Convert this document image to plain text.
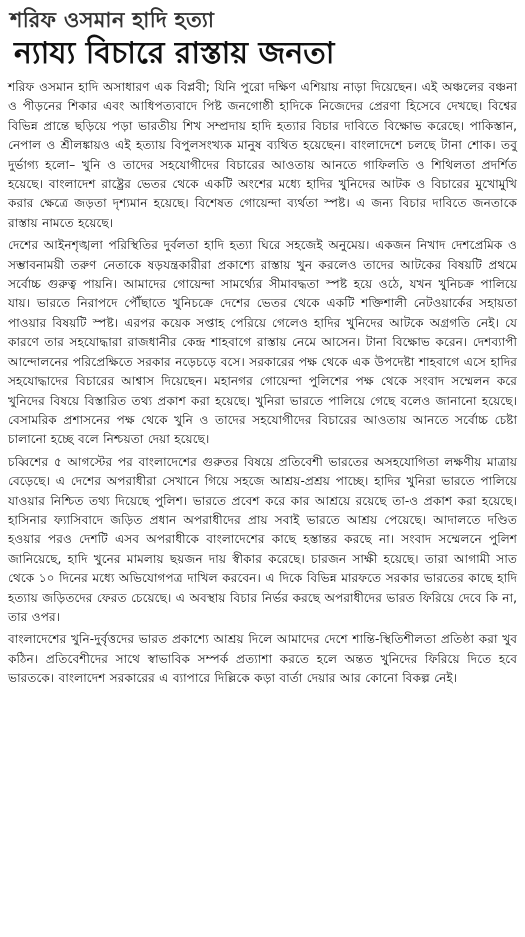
শরিফ ওসমান হাদি হত্যা
ন্যায্য বিচারে রাস্তায় জনতা

শরিফ ওসমান হাদি অসাধারণ এক বিপ্লবী; যিনি পুরো দক্ষিণ এশিয়ায় নাড়া দিয়েছেন। এই অঞ্চলের বঞ্চনা ও পীড়নের শিকার এবং আধিপত্যবাদে পিষ্ট জনগোষ্ঠী হাদিকে নিজেদের প্রেরণা হিসেবে দেখছে। বিশ্বের বিভিন্ন প্রান্তে ছড়িয়ে পড়া ভারতীয় শিখ সম্প্রদায় হাদি হত্যার বিচার দাবিতে বিক্ষোভ করেছে। পাকিস্তান, নেপাল ও শ্রীলঙ্কায়ও এই হত্যায় বিপুলসংখ্যক মানুষ ব্যথিত হয়েছেন। বাংলাদেশে চলছে টানা শোক। তবু দুর্ভাগ্য হলো– খুনি ও তাদের সহযোগীদের বিচারের আওতায় আনতে গাফিলতি ও শিথিলতা প্রদর্শিত হয়েছে। বাংলাদেশ রাষ্ট্রের ভেতর থেকে একটি অংশের মধ্যে হাদির খুনিদের আটক ও বিচারের মুখোমুখি করার ক্ষেত্রে জড়তা দৃশ্যমান হয়েছে। বিশেষত গোয়েন্দা ব্যর্থতা স্পষ্ট। এ জন্য বিচার দাবিতে জনতাকে রাস্তায় নামতে হয়েছে।

দেশের আইনশৃঙ্খলা পরিস্থিতির দুর্বলতা হাদি হত্যা ঘিরে সহজেই অনুমেয়। একজন নিখাদ দেশপ্রেমিক ও সম্ভাবনাময়ী তরুণ নেতাকে ষড়যন্ত্রকারীরা প্রকাশ্যে রাস্তায় খুন করলেও তাদের আটকের বিষয়টি প্রথমে সর্বোচ্চ গুরুত্ব পায়নি। আমাদের গোয়েন্দা সামর্থ্যের সীমাবদ্ধতা স্পষ্ট হয়ে ওঠে, যখন খুনিচক্র পালিয়ে যায়। ভারতে নিরাপদে পৌঁছাতে খুনিচক্রে দেশের ভেতর থেকে একটি শক্তিশালী নেটওয়ার্কের সহায়তা পাওয়ার বিষয়টি স্পষ্ট। এরপর কয়েক সপ্তাহ পেরিয়ে গেলেও হাদির খুনিদের আটকে অগ্রগতি নেই। যে কারণে তার সহযোদ্ধারা রাজধানীর কেন্দ্র শাহবাগে রাস্তায় নেমে আসেন। টানা বিক্ষোভ করেন। দেশব্যাপী আন্দোলনের পরিপ্রেক্ষিতে সরকার নড়েচড়ে বসে। সরকারের পক্ষ থেকে এক উপদেষ্টা শাহবাগে এসে হাদির সহযোদ্ধাদের বিচারের আশ্বাস দিয়েছেন। মহানগর গোয়েন্দা পুলিশের পক্ষ থেকে সংবাদ সম্মেলন করে খুনিদের বিষয়ে বিস্তারিত তথ্য প্রকাশ করা হয়েছে। খুনিরা ভারতে পালিয়ে গেছে বলেও জানানো হয়েছে। বেসামরিক প্রশাসনের পক্ষ থেকে খুনি ও তাদের সহযোগীদের বিচারের আওতায় আনতে সর্বোচ্চ চেষ্টা চালানো হচ্ছে বলে নিশ্চয়তা দেয়া হয়েছে।

চব্বিশের ৫ আগস্টের পর বাংলাদেশের গুরুতর বিষয়ে প্রতিবেশী ভারতের অসহযোগিতা লক্ষণীয় মাত্রায় বেড়েছে। এ দেশের অপরাধীরা সেখানে গিয়ে সহজে আশ্রয়-প্রশ্রয় পাচ্ছে। হাদির খুনিরা ভারতে পালিয়ে যাওয়ার নিশ্চিত তথ্য দিয়েছে পুলিশ। ভারতে প্রবেশ করে কার আশ্রয়ে রয়েছে তা-ও প্রকাশ করা হয়েছে। হাসিনার ফ্যাসিবাদে জড়িত প্রধান অপরাধীদের প্রায় সবাই ভারতে আশ্রয় পেয়েছে। আদালতে দণ্ডিত হওয়ার পরও দেশটি এসব অপরাধীকে বাংলাদেশের কাছে হস্তান্তর করছে না। সংবাদ সম্মেলনে পুলিশ জানিয়েছে, হাদি খুনের মামলায় ছয়জন দায় স্বীকার করেছে। চারজন সাক্ষী হয়েছে। তারা আগামী সাত থেকে ১০ দিনের মধ্যে অভিযোগপত্র দাখিল করবেন। এ দিকে বিভিন্ন মারফতে সরকার ভারতের কাছে হাদি হত্যায় জড়িতদের ফেরত চেয়েছে। এ অবস্থায় বিচার নির্ভর করছে অপরাধীদের ভারত ফিরিয়ে দেবে কি না, তার ওপর।

বাংলাদেশের খুনি-দুর্বৃত্তদের ভারত প্রকাশ্যে আশ্রয় দিলে আমাদের দেশে শান্তি-স্থিতিশীলতা প্রতিষ্ঠা করা খুব কঠিন। প্রতিবেশীদের সাথে স্বাভাবিক সম্পর্ক প্রত্যাশা করতে হলে অন্তত খুনিদের ফিরিয়ে দিতে হবে ভারতকে। বাংলাদেশ সরকারের এ ব্যাপারে দিল্লিকে কড়া বার্তা দেয়ার আর কোনো বিকল্প নেই।
